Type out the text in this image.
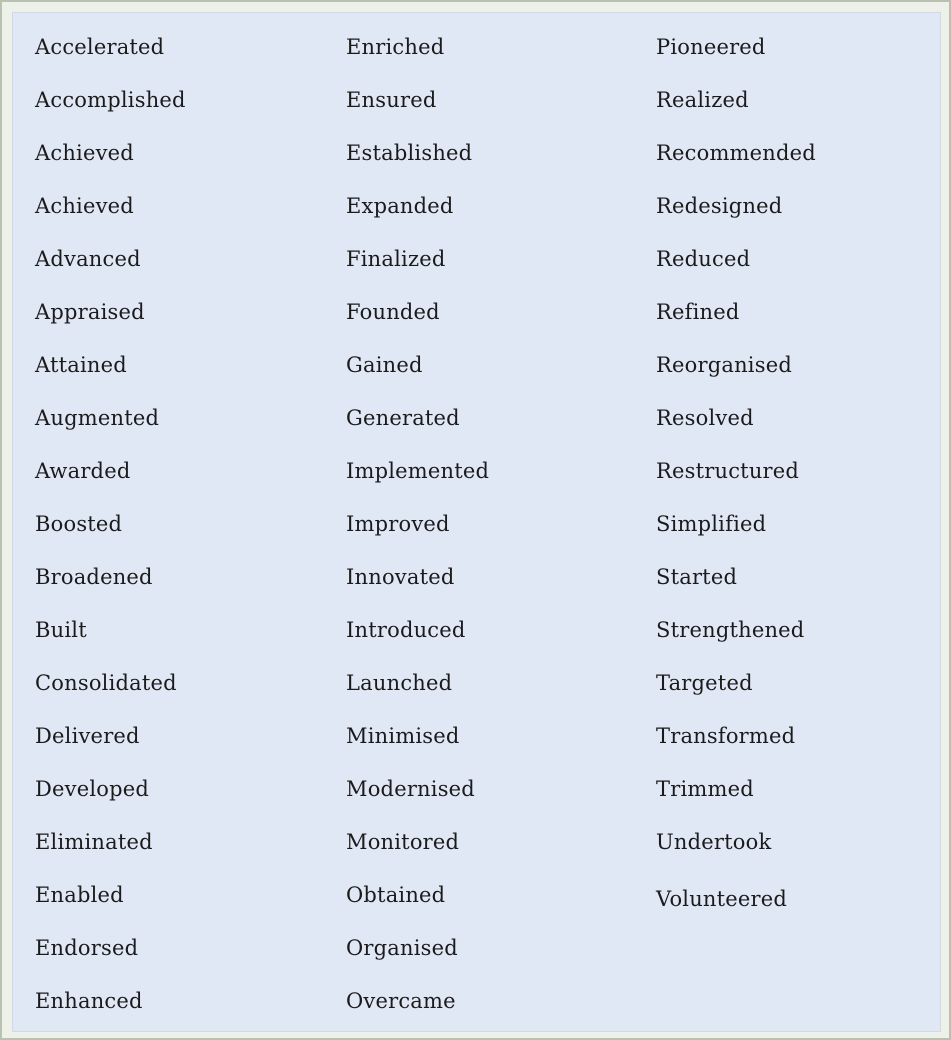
Accelerated
Accomplished
Achieved
Achieved
Advanced
Appraised
Attained
Augmented
Awarded
Boosted
Broadened
Built
Consolidated
Delivered
Developed
Eliminated
Enabled
Endorsed
Enhanced
Enriched
Ensured
Established
Expanded
Finalized
Founded
Gained
Generated
Implemented
Improved
Innovated
Introduced
Launched
Minimised
Modernised
Monitored
Obtained
Organised
Overcame
Pioneered
Realized
Recommended
Redesigned
Reduced
Refined
Reorganised
Resolved
Restructured
Simplified
Started
Strengthened
Targeted
Transformed
Trimmed
Undertook
Volunteered
